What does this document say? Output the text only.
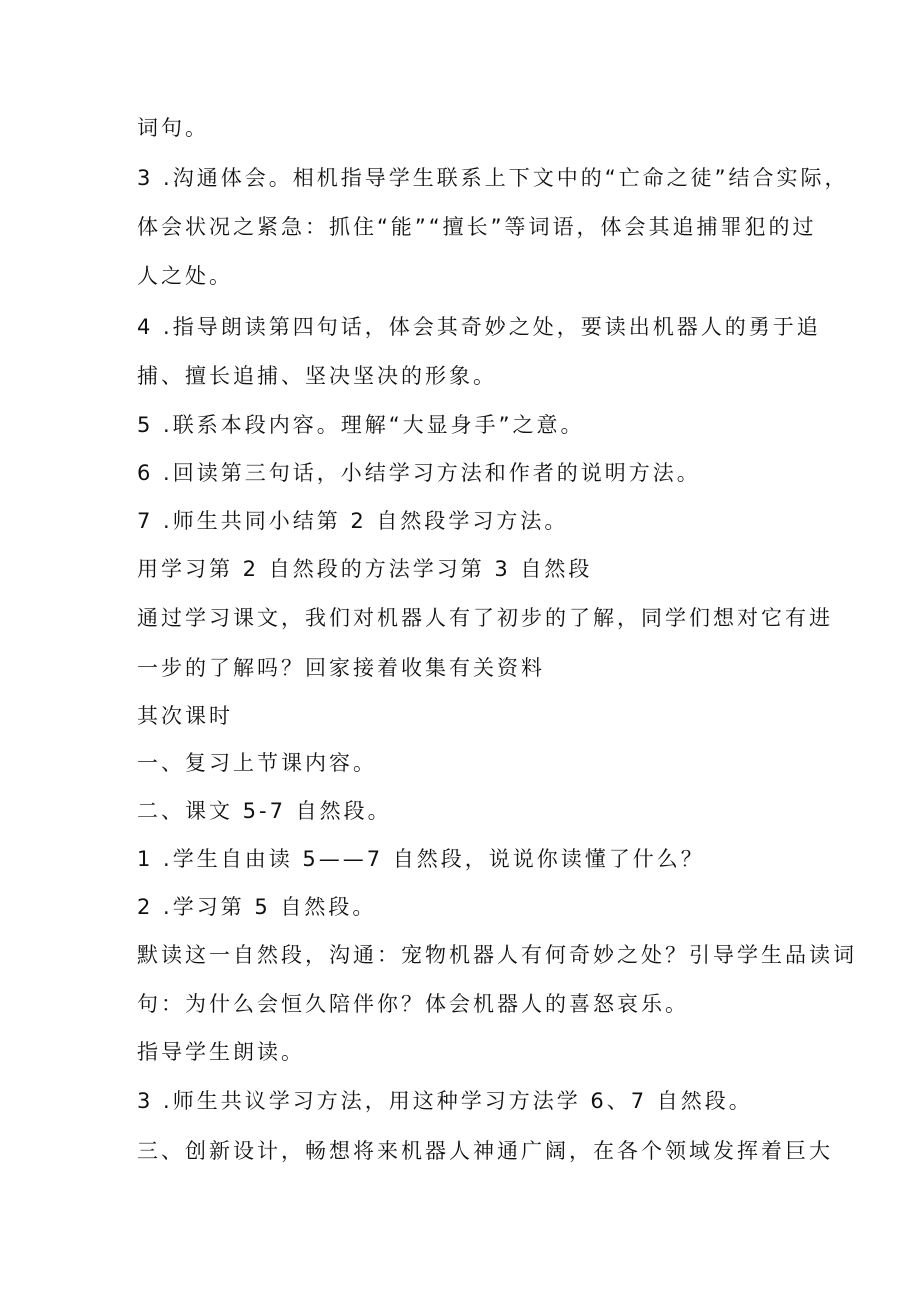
词句。
3 .沟通体会。相机指导学生联系上下文中的“亡命之徒”结合实际，
体会状况之紧急：抓住“能”“擅长”等词语，体会其追捕罪犯的过
人之处。
4 .指导朗读第四句话，体会其奇妙之处，要读出机器人的勇于追
捕、擅长追捕、坚决坚决的形象。
5 .联系本段内容。理解“大显身手”之意。
6 .回读第三句话，小结学习方法和作者的说明方法。
7 .师生共同小结第 2 自然段学习方法。
用学习第 2 自然段的方法学习第 3 自然段
通过学习课文，我们对机器人有了初步的了解，同学们想对它有进
一步的了解吗？回家接着收集有关资料
其次课时
一、复习上节课内容。
二、课文 5-7 自然段。
1 .学生自由读 5——7 自然段，说说你读懂了什么？
2 .学习第 5 自然段。
默读这一自然段，沟通：宠物机器人有何奇妙之处？引导学生品读词
句：为什么会恒久陪伴你？体会机器人的喜怒哀乐。
指导学生朗读。
3 .师生共议学习方法，用这种学习方法学 6、7 自然段。
三、创新设计，畅想将来机器人神通广阔，在各个领域发挥着巨大
